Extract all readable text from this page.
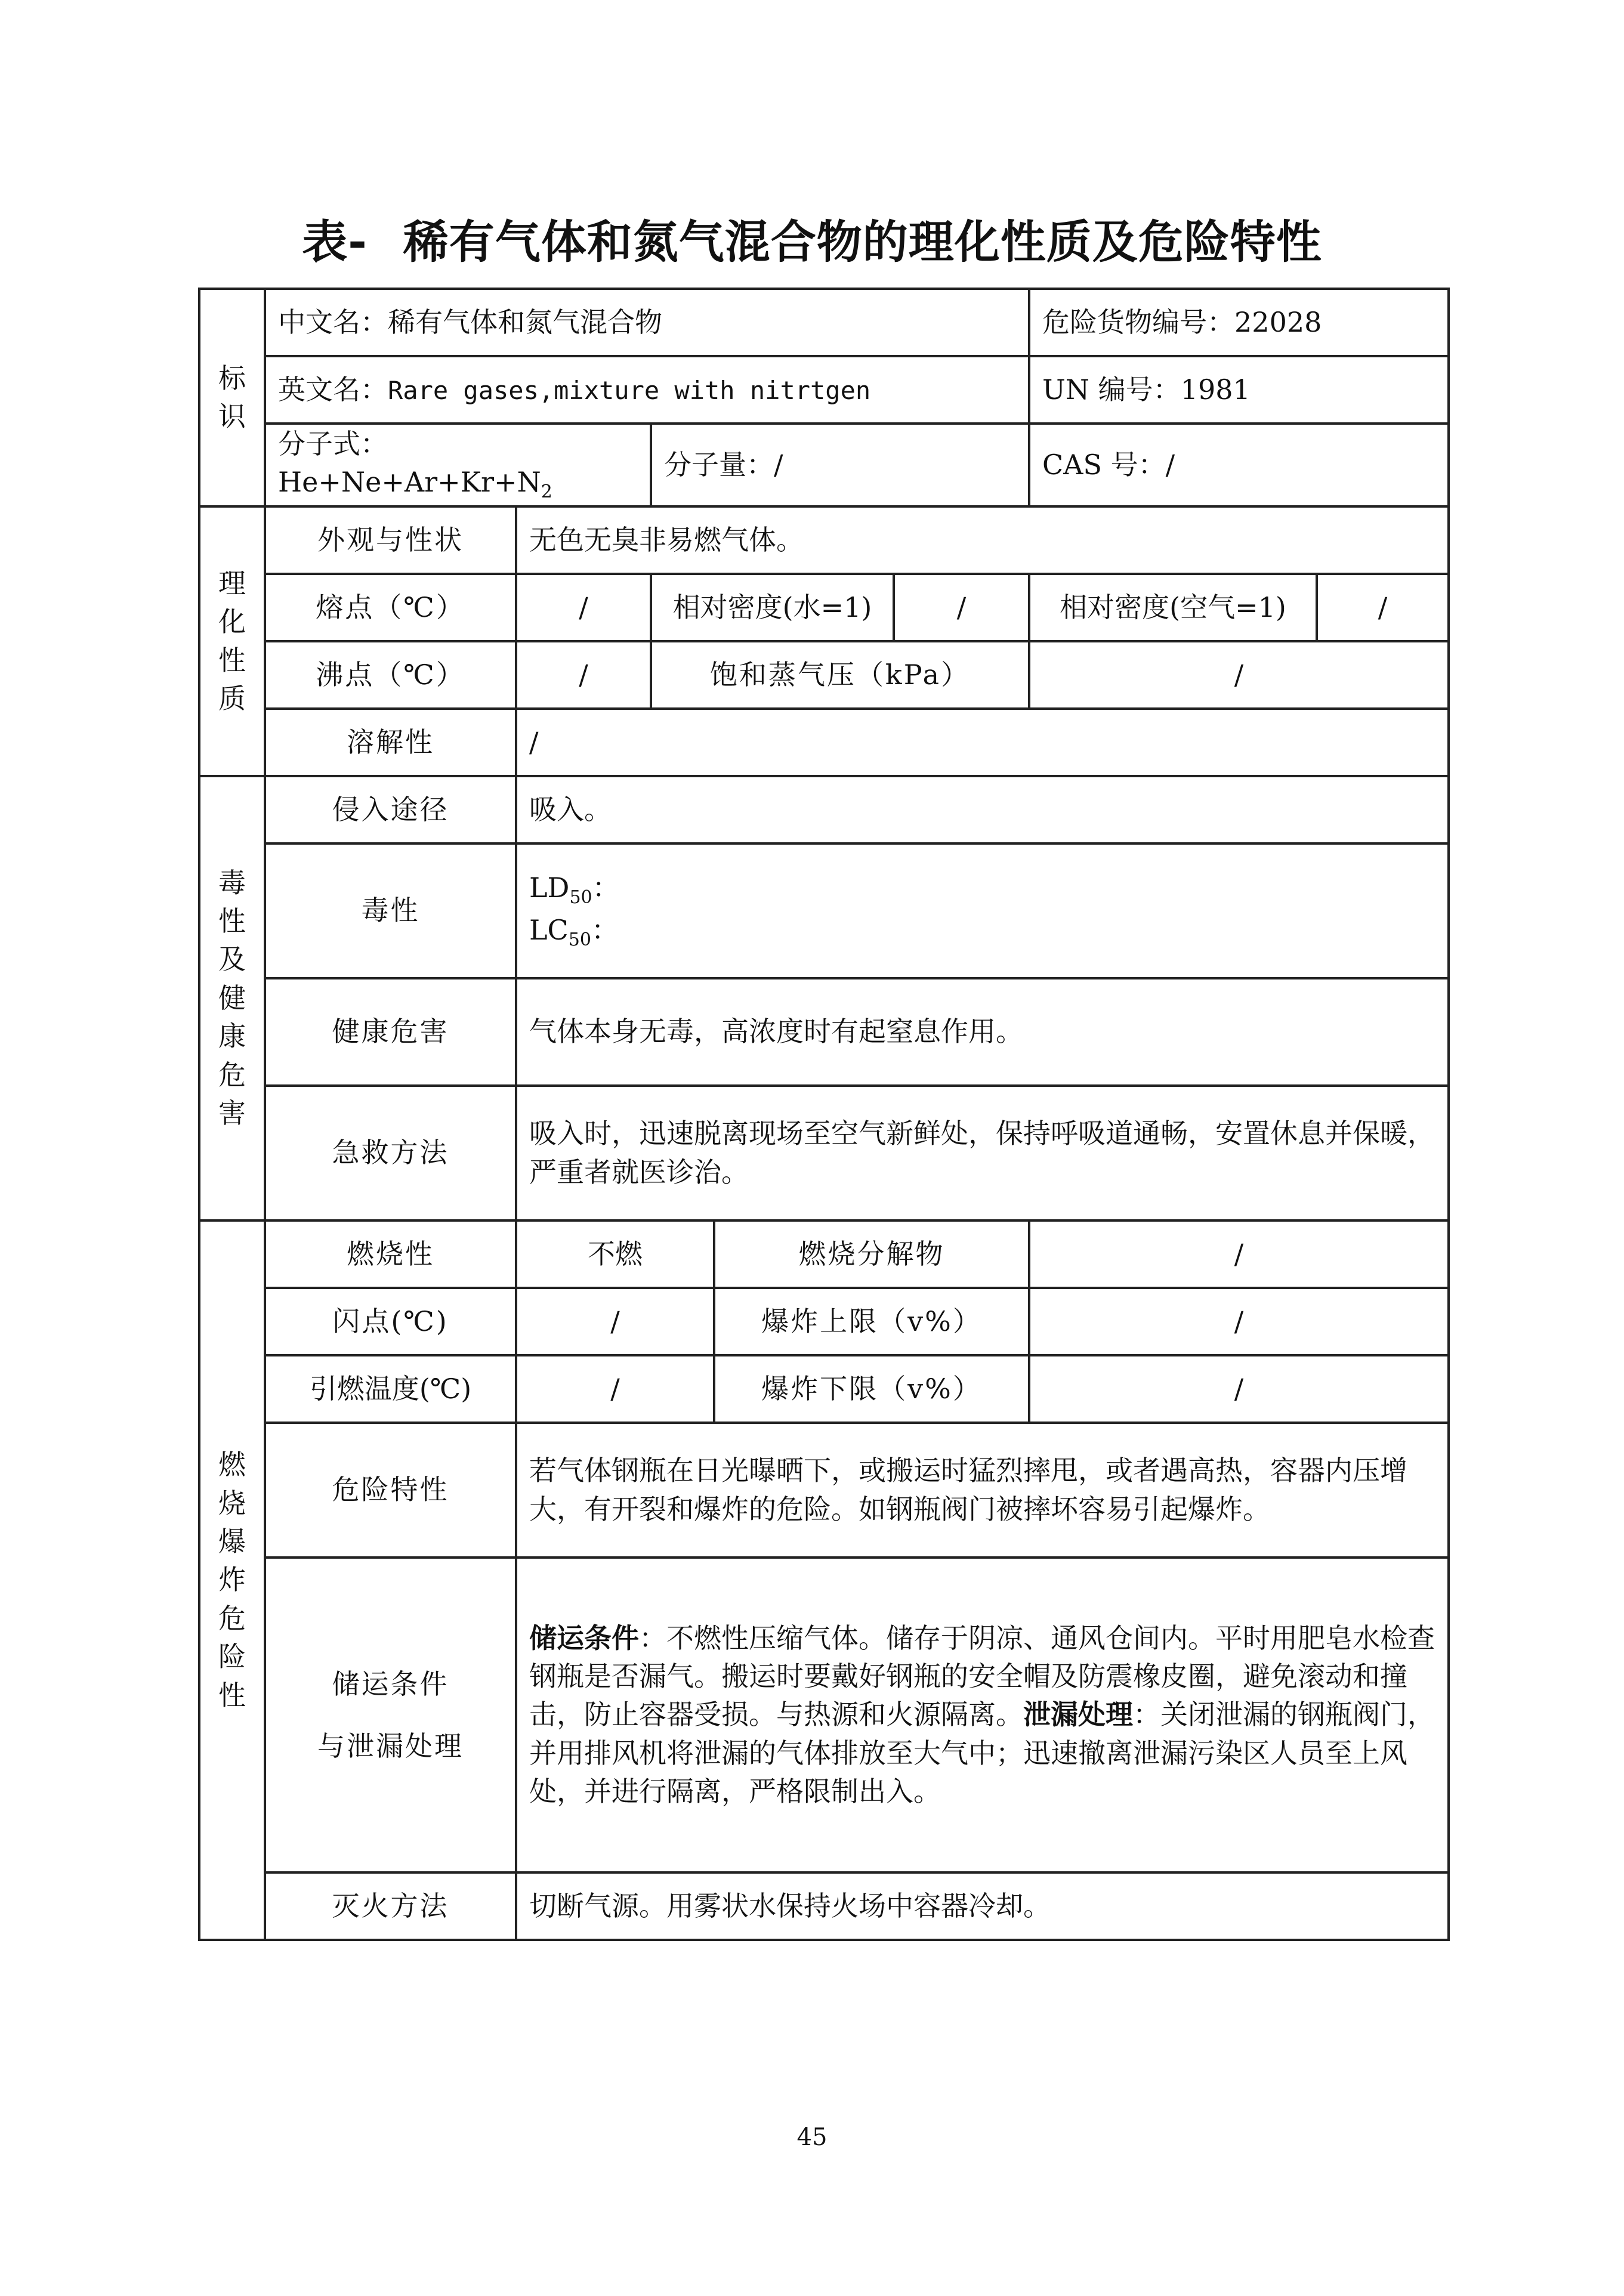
表- 稀有气体和氮气混合物的理化性质及危险特性
标识	中文名：稀有气体和氮气混合物					危险货物编号：22028	
	英文名：Rare gases,mixture with nitrtgen					UN 编号：1981	
	分子式：$He+Ne+Ar+Kr+N_2$		分子量：/			CAS 号：/	

理化性质	外观与性状	无色无臭非易燃气体。					
	熔点（℃）	/	相对密度(水=1)		/	相对密度(空气=1)	/
	沸点（℃）	/	饱和蒸气压（kPa）			/	
	溶解性	/					

毒性及健康危害	侵入途径	吸入。					
	毒性	$LD_{50}$：
$LC_{50}$：					

	健康危害	气体本身无毒，高浓度时有起窒息作用。					
	急救方法	吸入时，迅速脱离现场至空气新鲜处，保持呼吸道通畅，安置休息并保暖，严重者就医诊治。					

燃烧爆炸危险性	燃烧性	不燃		燃烧分解物		/	
	闪点(℃)	/		爆炸上限（v%）		/	
	引燃温度(℃)	/		爆炸下限（v%）		/	
	危险特性	若气体钢瓶在日光曝晒下，或搬运时猛烈摔甩，或者遇高热，容器内压增大，有开裂和爆炸的危险。如钢瓶阀门被摔坏容易引起爆炸。					

	储运条件
与泄漏处理	储运条件：不燃性压缩气体。储存于阴凉、通风仓间内。平时用肥皂水检查钢瓶是否漏气。搬运时要戴好钢瓶的安全帽及防震橡皮圈，避免滚动和撞击，防止容器受损。与热源和火源隔离。泄漏处理：关闭泄漏的钢瓶阀门，并用排风机将泄漏的气体排放至大气中；迅速撤离泄漏污染区人员至上风处，并进行隔离，严格限制出入。					
	灭火方法	切断气源。用雾状水保持火场中容器冷却。					
45
